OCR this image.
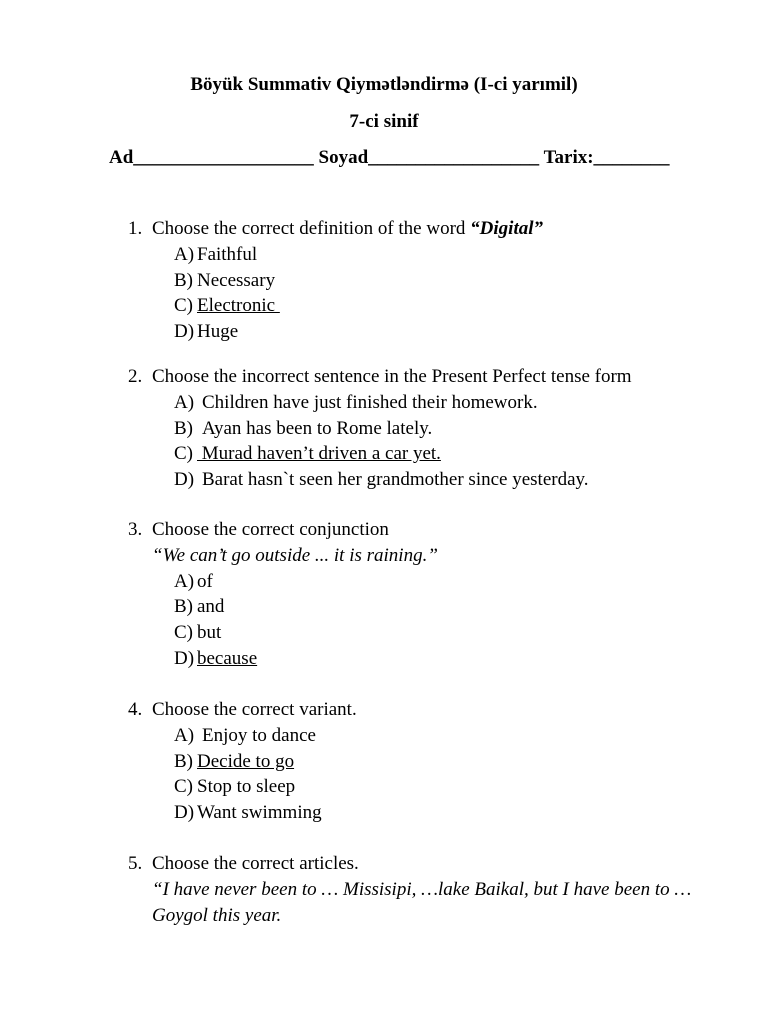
Böyük Summativ Qiymətləndirmə (I-ci yarımil)
7-ci sinif
Ad___________________ Soyad__________________ Tarix:________
1. Choose the correct definition of the word “Digital”
A) Faithful
B) Necessary
C) Electronic
D) Huge
2. Choose the incorrect sentence in the Present Perfect tense form
A) Children have just finished their homework.
B) Ayan has been to Rome lately.
C) Murad haven’t driven a car yet.
D) Barat hasn`t seen her grandmother since yesterday.
3. Choose the correct conjunction
“We can’t go outside ... it is raining.”
A) of
B) and
C) but
D) because
4. Choose the correct variant.
A) Enjoy to dance
B) Decide to go
C) Stop to sleep
D) Want swimming
5. Choose the correct articles.
“I have never been to … Missisipi, …lake Baikal, but I have been to … Goygol this year.
